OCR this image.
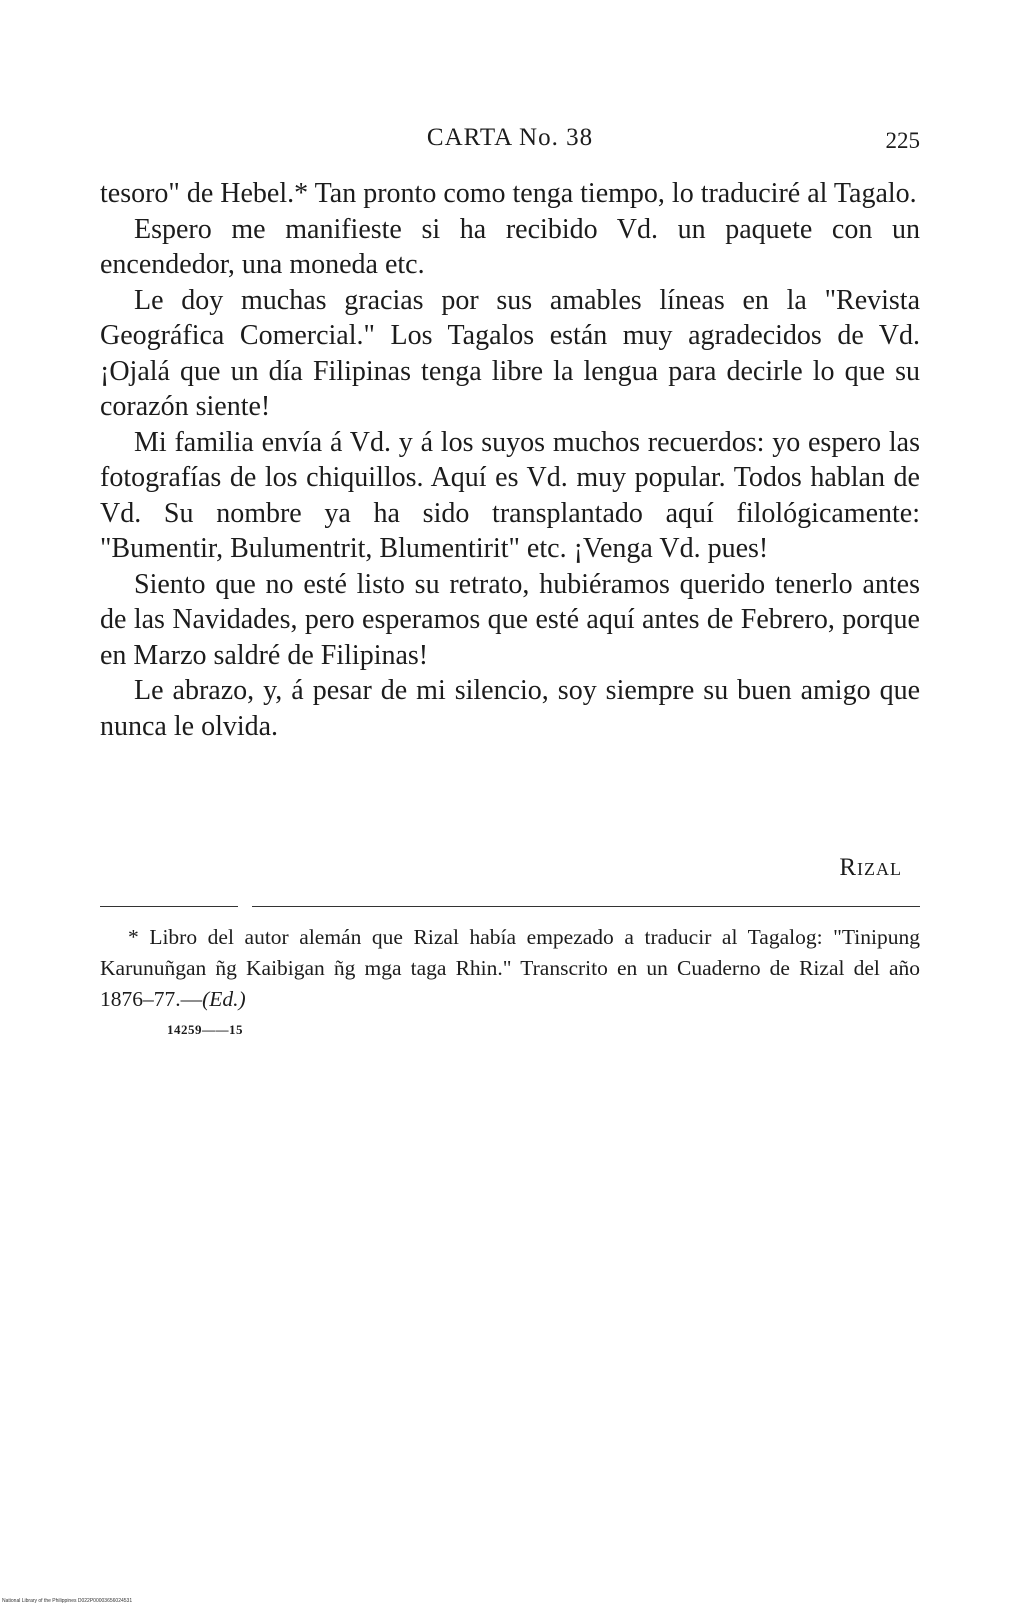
CARTA No. 38	225

tesoro" de Hebel.* Tan pronto como tenga tiempo, lo traduciré al Tagalo.

Espero me manifieste si ha recibido Vd. un paquete con un encendedor, una moneda etc.

Le doy muchas gracias por sus amables líneas en la "Revista Geográfica Comercial." Los Tagalos están muy agradecidos de Vd. ¡Ojalá que un día Filipinas tenga libre la lengua para decirle lo que su corazón siente!

Mi familia envía á Vd. y á los suyos muchos recuerdos: yo espero las fotografías de los chiquillos. Aquí es Vd. muy popular. Todos hablan de Vd. Su nombre ya ha sido transplantado aquí filológicamente: "Bumentir, Bulumentrit, Blumentirit" etc. ¡Venga Vd. pues!

Siento que no esté listo su retrato, hubiéramos querido tenerlo antes de las Navidades, pero esperamos que esté aquí antes de Febrero, porque en Marzo saldré de Filipinas!

Le abrazo, y, á pesar de mi silencio, soy siempre su buen amigo que nunca le olvida.

Rizal

* Libro del autor alemán que Rizal había empezado a traducir al Tagalog: "Tinipung Karunuñgan ñg Kaibigan ñg mga taga Rhin." Transcrito en un Cuaderno de Rizal del año 1876–77.—(Ed.)

14259——15
National Library of the Philippines D022P00003656024531
